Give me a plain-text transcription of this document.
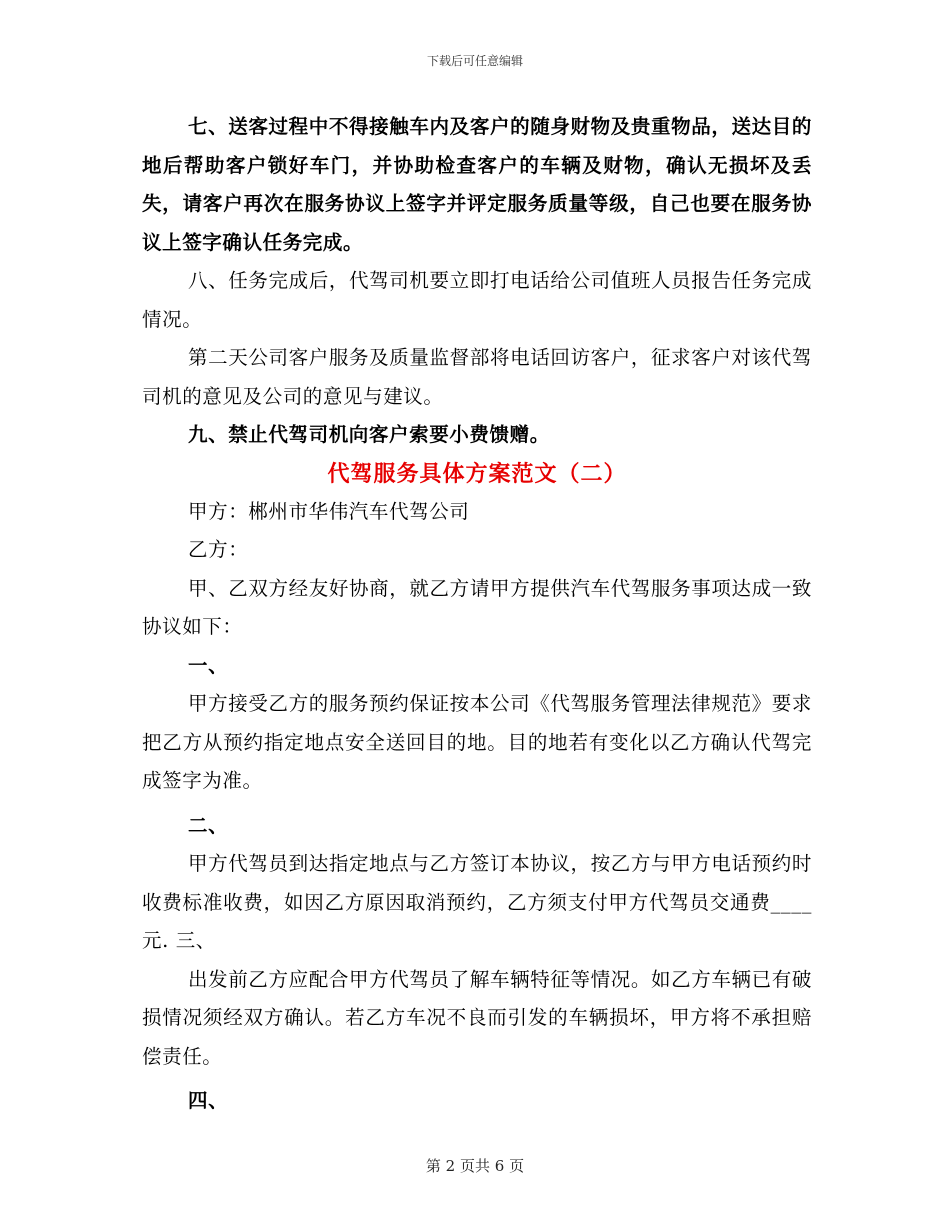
下载后可任意编辑

七、送客过程中不得接触车内及客户的随身财物及贵重物品，送达目的地后帮助客户锁好车门，并协助检查客户的车辆及财物，确认无损坏及丢失，请客户再次在服务协议上签字并评定服务质量等级，自己也要在服务协议上签字确认任务完成。

八、任务完成后，代驾司机要立即打电话给公司值班人员报告任务完成情况。

第二天公司客户服务及质量监督部将电话回访客户，征求客户对该代驾司机的意见及公司的意见与建议。

九、禁止代驾司机向客户索要小费馈赠。

代驾服务具体方案范文（二）

甲方：郴州市华伟汽车代驾公司

乙方：

甲、乙双方经友好协商，就乙方请甲方提供汽车代驾服务事项达成一致协议如下：

一、

甲方接受乙方的服务预约保证按本公司《代驾服务管理法律规范》要求把乙方从预约指定地点安全送回目的地。目的地若有变化以乙方确认代驾完成签字为准。

二、

甲方代驾员到达指定地点与乙方签订本协议，按乙方与甲方电话预约时收费标准收费，如因乙方原因取消预约，乙方须支付甲方代驾员交通费____元. 三、

出发前乙方应配合甲方代驾员了解车辆特征等情况。如乙方车辆已有破损情况须经双方确认。若乙方车况不良而引发的车辆损坏，甲方将不承担赔偿责任。

四、

第 2 页共 6 页
